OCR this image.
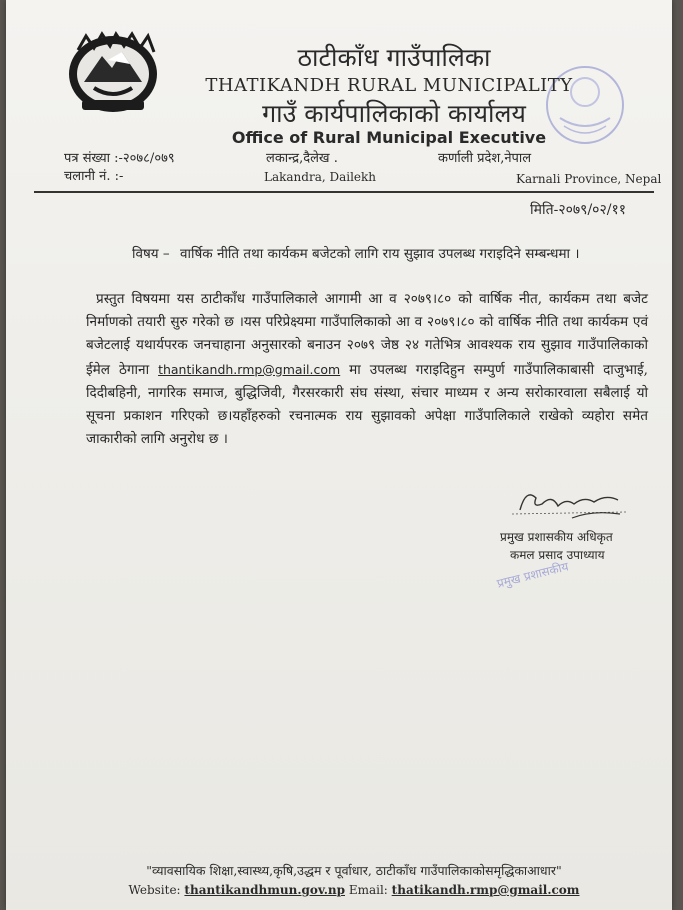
ठाटीकाँध गाउँपालिका
THATIKANDH RURAL MUNICIPALITY
गाउँ कार्यपालिकाको कार्यालय
Office of Rural Municipal Executive
पत्र संख्या :-२०७८/०७९
चलानी नं. :-
लकान्द्र,दैलेख .
Lakandra, Dailekh
कर्णाली प्रदेश,नेपाल
Karnali Province, Nepal
मिति-२०७९/०२/११
विषय – वार्षिक नीति तथा कार्यकम बजेटको लागि राय सुझाव उपलब्ध गराइदिने सम्बन्धमा ।
प्रस्तुत विषयमा यस ठाटीकाँध गाउँपालिकाले आगामी आ व २०७९।८० को वार्षिक नीत, कार्यकम तथा बजेट निर्माणको तयारी सुरु गरेको छ ।यस परिप्रेक्ष्यमा गाउँपालिकाको आ व २०७९।८० को वार्षिक नीति तथा कार्यकम एवं बजेटलाई यथार्यपरक जनचाहाना अनुसारको बनाउन २०७९ जेष्ठ २४ गतेभित्र आवश्यक राय सुझाव गाउँपालिकाको ईमेल ठेगाना thantikandh.rmp@gmail.com मा उपलब्ध गराइदिहुन सम्पुर्ण गाउँपालिकाबासी दाजुभाई, दिदीबहिनी, नागरिक समाज, बुद्धिजिवी, गैरसरकारी संघ संस्था, संचार माध्यम र अन्य सरोकारवाला सबैलाई यो सूचना प्रकाशन गरिएको छ।यहाँहरुको रचनात्मक राय सुझावको अपेक्षा गाउँपालिकाले राखेको व्यहोरा समेत जाकारीको लागि अनुरोध छ ।
प्रमुख प्रशासकीय अधिकृत
कमल प्रसाद उपाध्याय
प्रमुख प्रशासकीय
"व्यावसायिक शिक्षा,स्वास्थ्य,कृषि,उद्धम र पूर्वाधार, ठाटीकाँध गाउँपालिकाकोसमृद्धिकाआधार"
Website: thantikandhmun.gov.np Email: thatikandh.rmp@gmail.com
